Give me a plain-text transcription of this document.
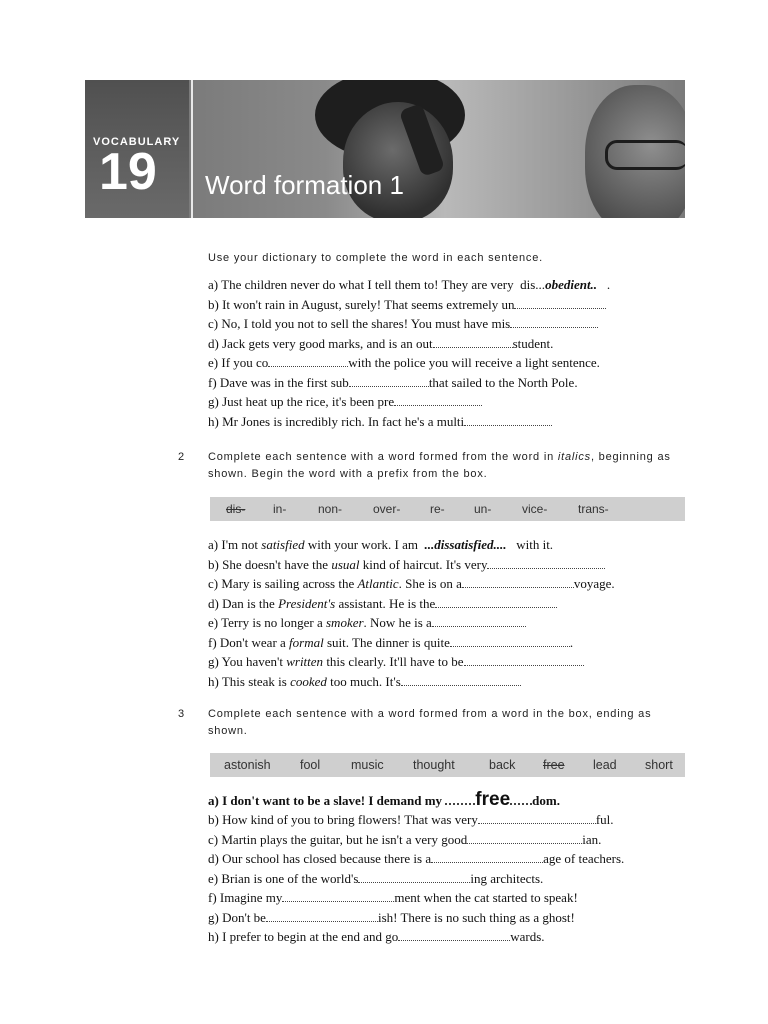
VOCABULARY
19 Word formation 1
Use your dictionary to complete the word in each sentence.
a) The children never do what I tell them to! They are very dis...obedient.. .
b) It won't rain in August, surely! That seems extremely un
c) No, I told you not to sell the shares! You must have mis
d) Jack gets very good marks, and is an out	student.
e) If you co	with the police you will receive a light sentence.
f) Dave was in the first sub	that sailed to the North Pole.
g) Just heat up the rice, it's been pre
h) Mr Jones is incredibly rich. In fact he's a multi
2 Complete each sentence with a word formed from the word in italics, beginning as shown. Begin the word with a prefix from the box.
dis- in-	non-	over- re- un-	vice-	trans-
a) I'm not satisfied with your work. I am ...dissatisfied.... with it.
b) She doesn't have the usual kind of haircut. It's very
c) Mary is sailing across the Atlantic. She is on a	voyage.
d) Dan is the President's assistant. He is the
e) Terry is no longer a smoker. Now he is a
f) Don't wear a formal suit. The dinner is quite	.
g) You haven't written this clearly. It'll have to be
h) This steak is cooked too much. It's
3 Complete each sentence with a word formed from a word in the box, ending as shown.
astonish fool music thought	back free lead short
a) I don't want to be a slave! I demand my free dom.
b) How kind of you to bring flowers! That was very	ful.
c) Martin plays the guitar, but he isn't a very good	ian.
d) Our school has closed because there is a	age of teachers.
e) Brian is one of the world's	ing architects.
f) Imagine my	ment when the cat started to speak!
g) Don't be	ish! There is no such thing as a ghost!
h) I prefer to begin at the end and go	wards.
